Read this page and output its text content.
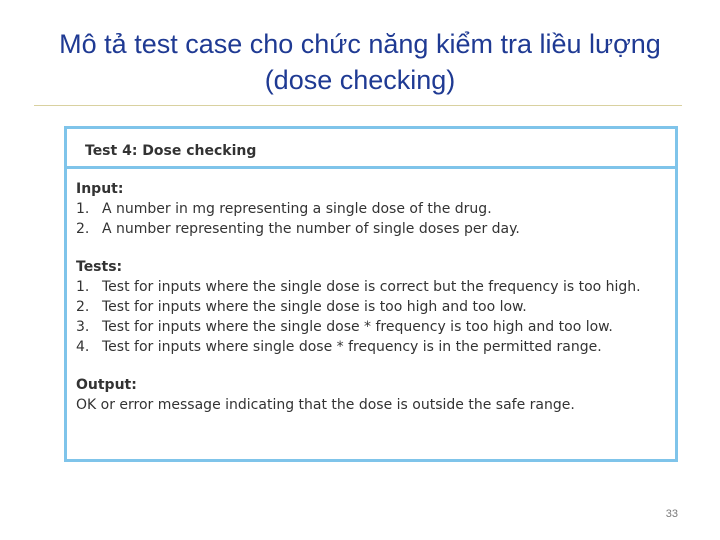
Mô tả test case cho chức năng kiểm tra liều lượng (dose checking)
Test 4: Dose checking
Input:
1. A number in mg representing a single dose of the drug.
2. A number representing the number of single doses per day.
Tests:
1. Test for inputs where the single dose is correct but the frequency is too high.
2. Test for inputs where the single dose is too high and too low.
3. Test for inputs where the single dose * frequency is too high and too low.
4. Test for inputs where single dose * frequency is in the permitted range.
Output:
OK or error message indicating that the dose is outside the safe range.
33
